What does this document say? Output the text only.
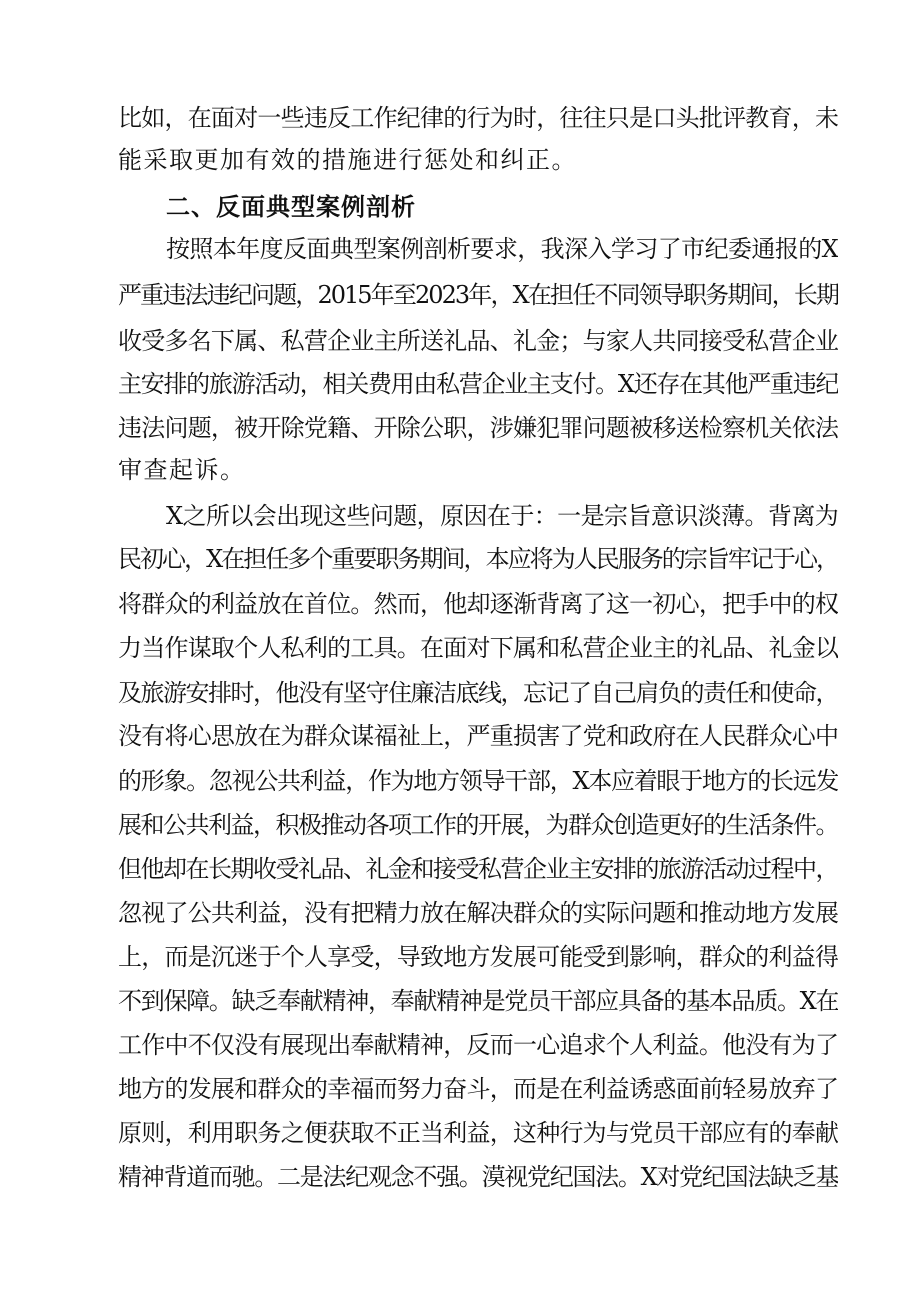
比如，在面对一些违反工作纪律的行为时，往往只是口头批评教育，未
能采取更加有效的措施进行惩处和纠正。
二、反面典型案例剖析
按照本年度反面典型案例剖析要求，我深入学习了市纪委通报的X
严重违法违纪问题，2015年至2023年，X在担任不同领导职务期间，长期
收受多名下属、私营企业主所送礼品、礼金；与家人共同接受私营企业
主安排的旅游活动，相关费用由私营企业主支付。X还存在其他严重违纪
违法问题，被开除党籍、开除公职，涉嫌犯罪问题被移送检察机关依法
审查起诉。
X之所以会出现这些问题，原因在于：一是宗旨意识淡薄。背离为
民初心，X在担任多个重要职务期间，本应将为人民服务的宗旨牢记于心，
将群众的利益放在首位。然而，他却逐渐背离了这一初心，把手中的权
力当作谋取个人私利的工具。在面对下属和私营企业主的礼品、礼金以
及旅游安排时，他没有坚守住廉洁底线，忘记了自己肩负的责任和使命，
没有将心思放在为群众谋福祉上，严重损害了党和政府在人民群众心中
的形象。忽视公共利益，作为地方领导干部，X本应着眼于地方的长远发
展和公共利益，积极推动各项工作的开展，为群众创造更好的生活条件。
但他却在长期收受礼品、礼金和接受私营企业主安排的旅游活动过程中，
忽视了公共利益，没有把精力放在解决群众的实际问题和推动地方发展
上，而是沉迷于个人享受，导致地方发展可能受到影响，群众的利益得
不到保障。缺乏奉献精神，奉献精神是党员干部应具备的基本品质。X在
工作中不仅没有展现出奉献精神，反而一心追求个人利益。他没有为了
地方的发展和群众的幸福而努力奋斗，而是在利益诱惑面前轻易放弃了
原则，利用职务之便获取不正当利益，这种行为与党员干部应有的奉献
精神背道而驰。二是法纪观念不强。漠视党纪国法。X对党纪国法缺乏基
